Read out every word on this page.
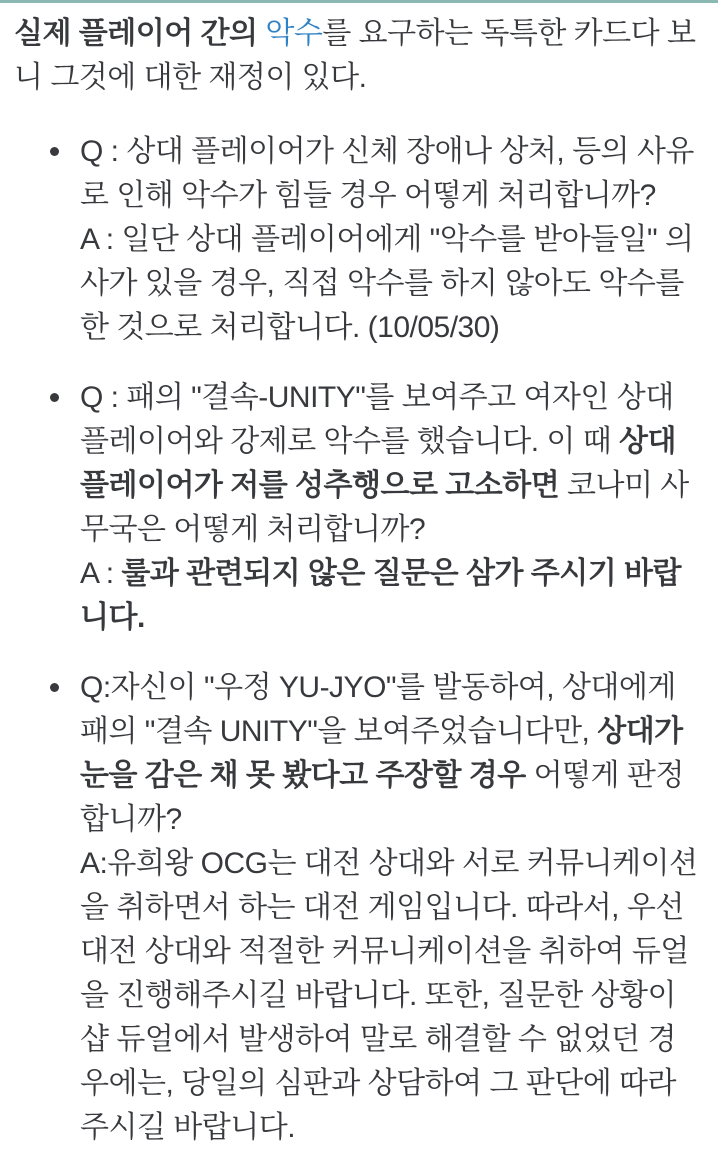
실제 플레이어 간의 악수를 요구하는 독특한 카드다 보니 그것에 대한 재정이 있다.

Q : 상대 플레이어가 신체 장애나 상처, 등의 사유로 인해 악수가 힘들 경우 어떻게 처리합니까?
A : 일단 상대 플레이어에게 "악수를 받아들일" 의사가 있을 경우, 직접 악수를 하지 않아도 악수를 한 것으로 처리합니다. (10/05/30)
Q : 패의 "결속-UNITY"를 보여주고 여자인 상대 플레이어와 강제로 악수를 했습니다. 이 때 상대 플레이어가 저를 성추행으로 고소하면 코나미 사무국은 어떻게 처리합니까?
A : 룰과 관련되지 않은 질문은 삼가 주시기 바랍니다.
Q:자신이 "우정 YU-JYO"를 발동하여, 상대에게 패의 "결속 UNITY"을 보여주었습니다만, 상대가 눈을 감은 채 못 봤다고 주장할 경우 어떻게 판정합니까?
A:유희왕 OCG는 대전 상대와 서로 커뮤니케이션을 취하면서 하는 대전 게임입니다. 따라서, 우선 대전 상대와 적절한 커뮤니케이션을 취하여 듀얼을 진행해주시길 바랍니다. 또한, 질문한 상황이 샵 듀얼에서 발생하여 말로 해결할 수 없었던 경우에는, 당일의 심판과 상담하여 그 판단에 따라주시길 바랍니다.
